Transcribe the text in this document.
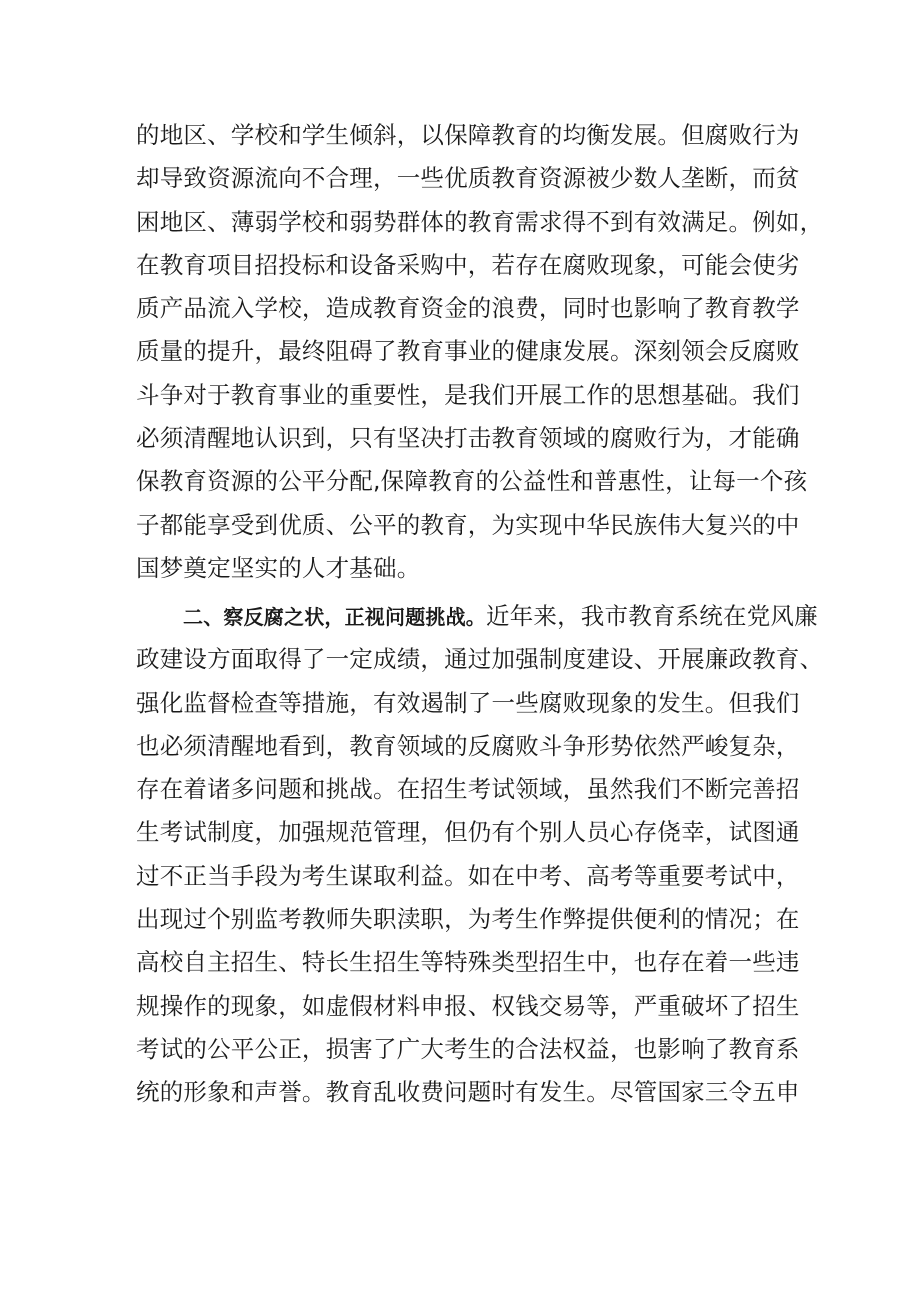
的地区、学校和学生倾斜，以保障教育的均衡发展。但腐败行为
却导致资源流向不合理，一些优质教育资源被少数人垄断，而贫
困地区、薄弱学校和弱势群体的教育需求得不到有效满足。例如，
在教育项目招投标和设备采购中，若存在腐败现象，可能会使劣
质产品流入学校，造成教育资金的浪费，同时也影响了教育教学
质量的提升，最终阻碍了教育事业的健康发展。深刻领会反腐败
斗争对于教育事业的重要性，是我们开展工作的思想基础。我们
必须清醒地认识到，只有坚决打击教育领域的腐败行为，才能确
保教育资源的公平分配,保障教育的公益性和普惠性，让每一个孩
子都能享受到优质、公平的教育，为实现中华民族伟大复兴的中
国梦奠定坚实的人才基础。
二、察反腐之状，正视问题挑战。近年来，我市教育系统在党风廉
政建设方面取得了一定成绩，通过加强制度建设、开展廉政教育、
强化监督检查等措施，有效遏制了一些腐败现象的发生。但我们
也必须清醒地看到，教育领域的反腐败斗争形势依然严峻复杂，
存在着诸多问题和挑战。在招生考试领域，虽然我们不断完善招
生考试制度，加强规范管理，但仍有个别人员心存侥幸，试图通
过不正当手段为考生谋取利益。如在中考、高考等重要考试中，
出现过个别监考教师失职渎职，为考生作弊提供便利的情况；在
高校自主招生、特长生招生等特殊类型招生中，也存在着一些违
规操作的现象，如虚假材料申报、权钱交易等，严重破坏了招生
考试的公平公正，损害了广大考生的合法权益，也影响了教育系
统的形象和声誉。教育乱收费问题时有发生。尽管国家三令五申
